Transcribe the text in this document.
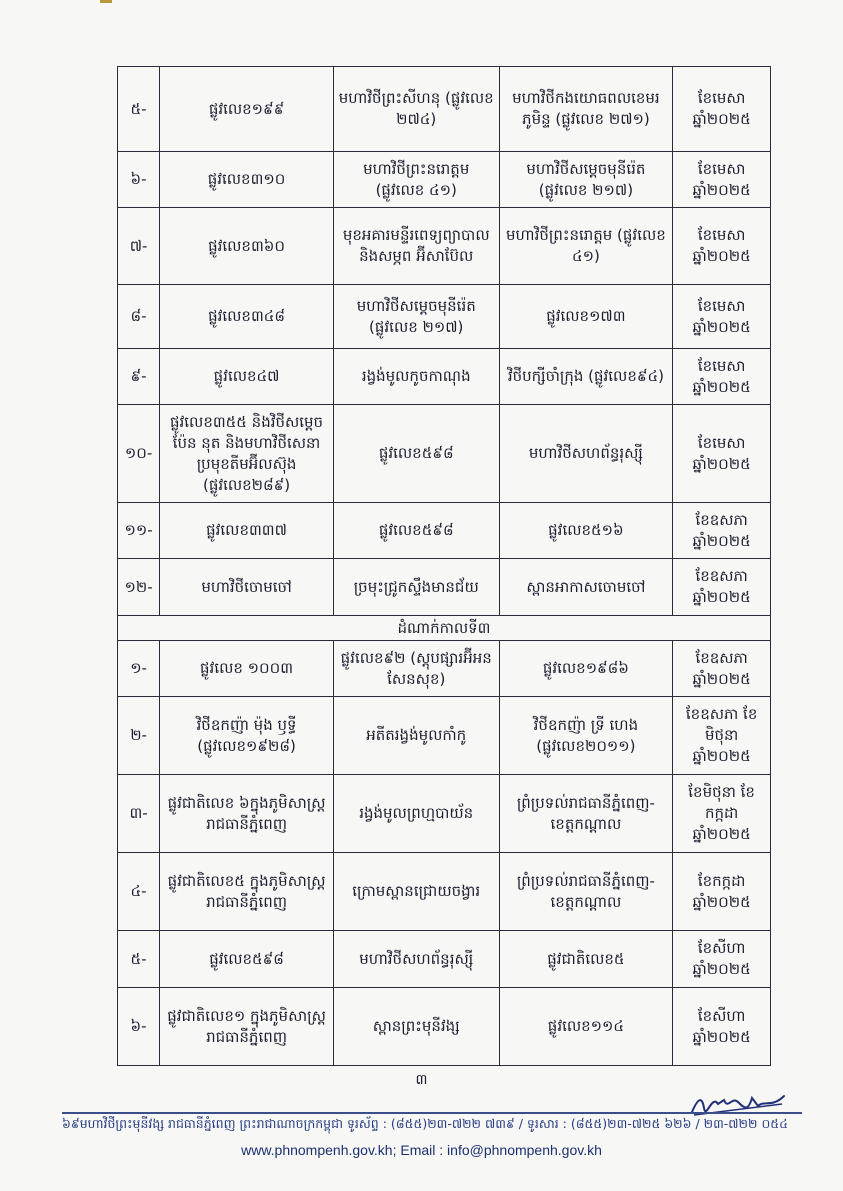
៥-	ផ្លូវលេខ១៩៩	មហាវិថីព្រះសីហនុ (ផ្លូវលេខ ២៧៤)	មហាវិថីកងយោធពលខេមរភូមិន្ទ (ផ្លូវលេខ ២៧១)	ខែមេសា ឆ្នាំ២០២៥
៦-	ផ្លូវលេខ៣១០	មហាវិថីព្រះនរោត្តម (ផ្លូវលេខ ៤១)	មហាវិថីសម្តេចមុនីរ៉េត (ផ្លូវលេខ ២១៧)	ខែមេសា ឆ្នាំ២០២៥
៧-	ផ្លូវលេខ៣៦០	មុខអគារមន្ទីរពេទ្យព្យាបាល និងសម្ភព អ៊ីសាប៊ែល	មហាវិថីព្រះនរោត្តម (ផ្លូវលេខ ៤១)	ខែមេសា ឆ្នាំ២០២៥
៨-	ផ្លូវលេខ៣៤៨	មហាវិថីសម្តេចមុនីរ៉េត (ផ្លូវលេខ ២១៧)	ផ្លូវលេខ១៧៣	ខែមេសា ឆ្នាំ២០២៥
៩-	ផ្លូវលេខ៤៧	រង្វង់មូលកូចកាណុង	វិថីបក្សីចាំក្រុង (ផ្លូវលេខ៩៤)	ខែមេសា ឆ្នាំ២០២៥
១០-	ផ្លូវលេខ៣៥៥ និងវិថីសម្ដេចប៉ែន នុត និងមហាវិថីសេនាប្រមុខតីមអ៊ីលស៊ុង (ផ្លូវលេខ២៨៩)	ផ្លូវលេខ៥៩៨	មហាវិថីសហព័ន្ធរុស្ស៊ី	ខែមេសា ឆ្នាំ២០២៥
១១-	ផ្លូវលេខ៣៣៧	ផ្លូវលេខ៥៩៨	ផ្លូវលេខ៥១៦	ខែឧសភា ឆ្នាំ២០២៥
១២-	មហាវិថីចោមចៅ	ច្រមុះជ្រូកស្ទឹងមានជ័យ	ស្ពានអាកាសចោមចៅ	ខែឧសភា ឆ្នាំ២០២៥
ដំណាក់កាលទី៣				
១-	ផ្លូវលេខ ១០០៣	ផ្លូវលេខ៩២ (ស្តុបផ្សារអ៊ីអន សែនសុខ)	ផ្លូវលេខ១៩៨៦	ខែឧសភា ឆ្នាំ២០២៥
២-	វិថីឧកញ៉ា ម៉ុង ឫទ្ធី (ផ្លូវលេខ១៩២៨)	អតីតរង្វង់មូលកាំកូ	វិថីឧកញ៉ា ទ្រី ហេង (ផ្លូវលេខ២០១១)	ខែឧសភា ខែមិថុនា ឆ្នាំ២០២៥
៣-	ផ្លូវជាតិលេខ ៦ក្នុងភូមិសាស្ត្រ រាជធានីភ្នំពេញ	រង្វង់មូលព្រហ្មបាយ័ន	ព្រំប្រទល់រាជធានីភ្នំពេញ- ខេត្តកណ្តាល	ខែមិថុនា ខែកក្កដា ឆ្នាំ២០២៥
៤-	ផ្លូវជាតិលេខ៥ ក្នុងភូមិសាស្ត្រ រាជធានីភ្នំពេញ	ក្រោមស្ពានជ្រោយចង្វារ	ព្រំប្រទល់រាជធានីភ្នំពេញ- ខេត្តកណ្តាល	ខែកក្កដា ឆ្នាំ២០២៥
៥-	ផ្លូវលេខ៥៩៨	មហាវិថីសហព័ន្ធរុស្ស៊ី	ផ្លូវជាតិលេខ៥	ខែសីហា ឆ្នាំ២០២៥
៦-	ផ្លូវជាតិលេខ១ ក្នុងភូមិសាស្ត្រ រាជធានីភ្នំពេញ	ស្ពានព្រះមុនីវង្ស	ផ្លូវលេខ១១៤	ខែសីហា ឆ្នាំ២០២៥
៣
៦៩មហាវិថីព្រះមុនីវង្ស រាជធានីភ្នំពេញ ព្រះរាជាណាចក្រកម្ពុជា ទូរស័ព្ទ : (៨៥៥)២៣-៧២២ ៧៣៩ / ទូរសារ : (៨៥៥)២៣-៧២៥ ៦២៦ / ២៣-៧២២ ០៥៤
www.phnompenh.gov.kh; Email : info@phnompenh.gov.kh
